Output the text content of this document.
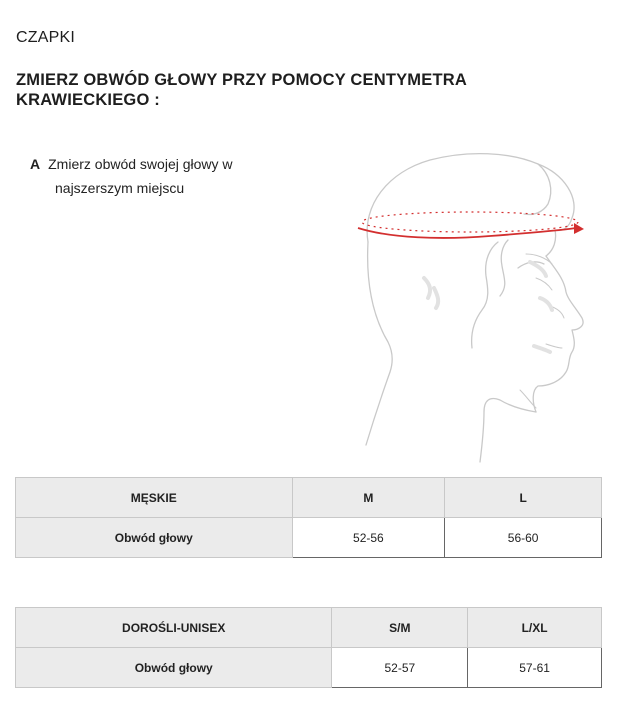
CZAPKI
ZMIERZ OBWÓD GŁOWY PRZY POMOCY CENTYMETRA KRAWIECKIEGO :
A Zmierz obwód swojej głowy w
najszerszym miejscu
MĘSKIE	M	L
Obwód głowy	52-56	56-60
DOROŚLI-UNISEX	S/M	L/XL
Obwód głowy	52-57	57-61
